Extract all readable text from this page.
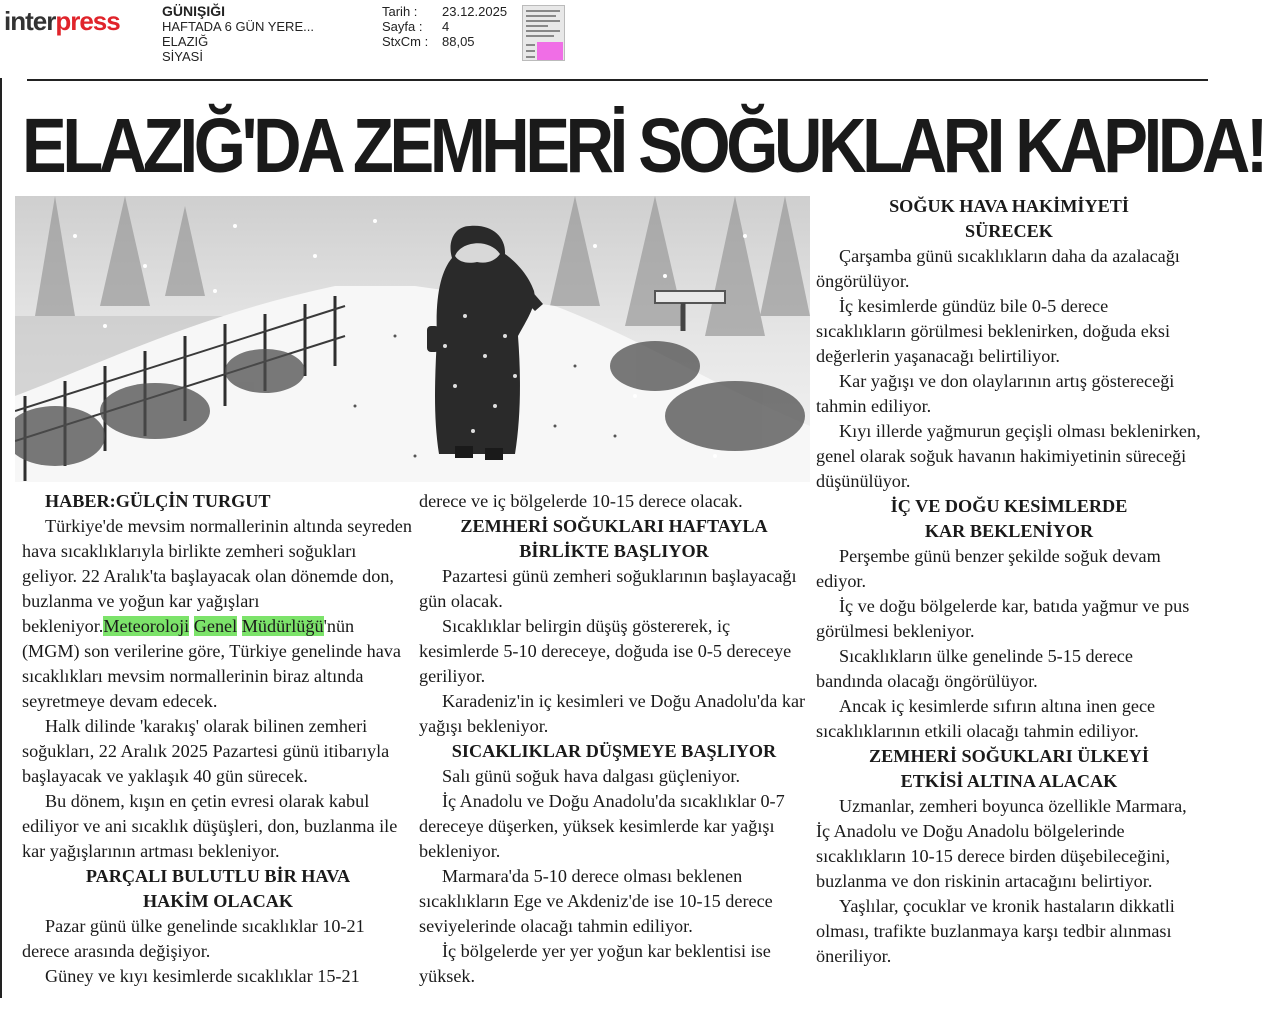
interpress	GÜNIŞIĞI
HAFTADA 6 GÜN YERE...
ELAZIĞ
SİYASİ
Tarih :	23.12.2025
Sayfa :	4
StxCm :	88,05
ELAZIĞ'DA ZEMHERİ SOĞUKLARI KAPIDA!

HABER:GÜLÇİN TURGUT

Türkiye'de mevsim normallerinin altında seyreden hava sıcaklıklarıyla birlikte zemheri soğukları geliyor. 22 Aralık'ta başlayacak olan dönemde don, buzlanma ve yoğun kar yağışları bekleniyor.Meteoroloji Genel Müdürlüğü'nün (MGM) son verilerine göre, Türkiye genelinde hava sıcaklıkları mevsim normallerinin biraz altında seyretmeye devam edecek.

Halk dilinde 'karakış' olarak bilinen zemheri soğukları, 22 Aralık 2025 Pazartesi günü itibarıyla başlayacak ve yaklaşık 40 gün sürecek.

Bu dönem, kışın en çetin evresi olarak kabul ediliyor ve ani sıcaklık düşüşleri, don, buzlanma ile kar yağışlarının artması bekleniyor.

PARÇALI BULUTLU BİR HAVA HAKİM OLACAK

Pazar günü ülke genelinde sıcaklıklar 10-21 derece arasında değişiyor.

Güney ve kıyı kesimlerde sıcaklıklar 15-21

derece ve iç bölgelerde 10-15 derece olacak.

ZEMHERİ SOĞUKLARI HAFTAYLA BİRLİKTE BAŞLIYOR

Pazartesi günü zemheri soğuklarının başlayacağı gün olacak.

Sıcaklıklar belirgin düşüş göstererek, iç kesimlerde 5-10 dereceye, doğuda ise 0-5 dereceye geriliyor.

Karadeniz'in iç kesimleri ve Doğu Anadolu'da kar yağışı bekleniyor.

SICAKLIKLAR DÜŞMEYE BAŞLIYOR

Salı günü soğuk hava dalgası güçleniyor.

İç Anadolu ve Doğu Anadolu'da sıcaklıklar 0-7 dereceye düşerken, yüksek kesimlerde kar yağışı bekleniyor.

Marmara'da 5-10 derece olması beklenen sıcaklıkların Ege ve Akdeniz'de ise 10-15 derece seviyelerinde olacağı tahmin ediliyor.

İç bölgelerde yer yer yoğun kar beklentisi ise yüksek.

SOĞUK HAVA HAKİMİYETİ SÜRECEK

Çarşamba günü sıcaklıkların daha da azalacağı öngörülüyor.

İç kesimlerde gündüz bile 0-5 derece sıcaklıkların görülmesi beklenirken, doğuda eksi değerlerin yaşanacağı belirtiliyor.

Kar yağışı ve don olaylarının artış göstereceği tahmin ediliyor.

Kıyı illerde yağmurun geçişli olması beklenirken, genel olarak soğuk havanın hakimiyetinin süreceği düşünülüyor.

İÇ VE DOĞU KESİMLERDE KAR BEKLENİYOR

Perşembe günü benzer şekilde soğuk devam ediyor.

İç ve doğu bölgelerde kar, batıda yağmur ve pus görülmesi bekleniyor.

Sıcaklıkların ülke genelinde 5-15 derece bandında olacağı öngörülüyor.

Ancak iç kesimlerde sıfırın altına inen gece sıcaklıklarının etkili olacağı tahmin ediliyor.

ZEMHERİ SOĞUKLARI ÜLKEYİ ETKİSİ ALTINA ALACAK

Uzmanlar, zemheri boyunca özellikle Marmara, İç Anadolu ve Doğu Anadolu bölgelerinde sıcaklıkların 10-15 derece birden düşebileceğini, buzlanma ve don riskinin artacağını belirtiyor.

Yaşlılar, çocuklar ve kronik hastaların dikkatli olması, trafikte buzlanmaya karşı tedbir alınması öneriliyor.
